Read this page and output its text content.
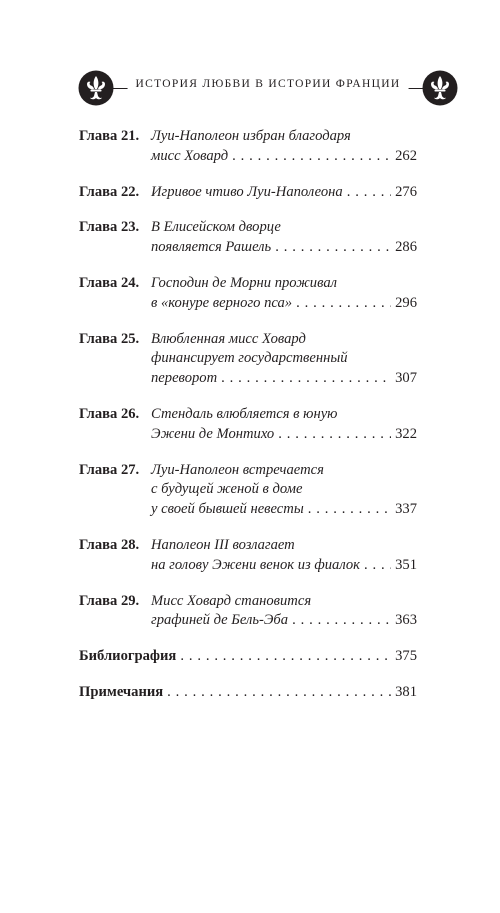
ИСТОРИЯ ЛЮБВИ В ИСТОРИИ ФРАНЦИИ
Глава 21. Луи-Наполеон избран благодаря
мисс Ховард . . .	262
Глава 22. Игривое чтиво Луи-Наполеона . . .	276
Глава 23. В Елисейском дворце
появляется Рашель . . .	286
Глава 24. Господин де Морни проживал
в «конуре верного пса» . . .	296
Глава 25. Влюбленная мисс Ховард
финансирует государственный
переворот . . .	307
Глава 26. Стендаль влюбляется в юную
Эжени де Монтихо . . .	322
Глава 27. Луи-Наполеон встречается
с будущей женой в доме
у своей бывшей невесты . . .	337
Глава 28. Наполеон III возлагает
на голову Эжени венок из фиалок . . . 351
Глава 29. Мисс Ховард становится
графиней де Бель-Эба . . .	363
Библиография . . .	375
Примечания . . .	381
